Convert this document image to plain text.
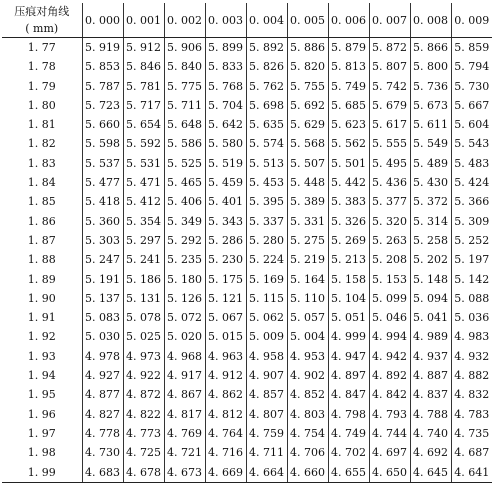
压痕对角线
( mm)	0. 000	0. 001	0. 002	0. 003	0. 004	0. 005	0. 006	0. 007	0. 008	0. 009

1. 77	5. 919	5. 912	5. 906	5. 899	5. 892	5. 886	5. 879	5. 872	5. 866	5. 859
1. 78	5. 853	5. 846	5. 840	5. 833	5. 826	5. 820	5. 813	5. 807	5. 800	5. 794
1. 79	5. 787	5. 781	5. 775	5. 768	5. 762	5. 755	5. 749	5. 742	5. 736	5. 730
1. 80	5. 723	5. 717	5. 711	5. 704	5. 698	5. 692	5. 685	5. 679	5. 673	5. 667
1. 81	5. 660	5. 654	5. 648	5. 642	5. 635	5. 629	5. 623	5. 617	5. 611	5. 604
1. 82	5. 598	5. 592	5. 586	5. 580	5. 574	5. 568	5. 562	5. 555	5. 549	5. 543
1. 83	5. 537	5. 531	5. 525	5. 519	5. 513	5. 507	5. 501	5. 495	5. 489	5. 483
1. 84	5. 477	5. 471	5. 465	5. 459	5. 453	5. 448	5. 442	5. 436	5. 430	5. 424
1. 85	5. 418	5. 412	5. 406	5. 401	5. 395	5. 389	5. 383	5. 377	5. 372	5. 366
1. 86	5. 360	5. 354	5. 349	5. 343	5. 337	5. 331	5. 326	5. 320	5. 314	5. 309
1. 87	5. 303	5. 297	5. 292	5. 286	5. 280	5. 275	5. 269	5. 263	5. 258	5. 252
1. 88	5. 247	5. 241	5. 235	5. 230	5. 224	5. 219	5. 213	5. 208	5. 202	5. 197
1. 89	5. 191	5. 186	5. 180	5. 175	5. 169	5. 164	5. 158	5. 153	5. 148	5. 142
1. 90	5. 137	5. 131	5. 126	5. 121	5. 115	5. 110	5. 104	5. 099	5. 094	5. 088
1. 91	5. 083	5. 078	5. 072	5. 067	5. 062	5. 057	5. 051	5. 046	5. 041	5. 036
1. 92	5. 030	5. 025	5. 020	5. 015	5. 009	5. 004	4. 999	4. 994	4. 989	4. 983
1. 93	4. 978	4. 973	4. 968	4. 963	4. 958	4. 953	4. 947	4. 942	4. 937	4. 932
1. 94	4. 927	4. 922	4. 917	4. 912	4. 907	4. 902	4. 897	4. 892	4. 887	4. 882
1. 95	4. 877	4. 872	4. 867	4. 862	4. 857	4. 852	4. 847	4. 842	4. 837	4. 832
1. 96	4. 827	4. 822	4. 817	4. 812	4. 807	4. 803	4. 798	4. 793	4. 788	4. 783
1. 97	4. 778	4. 773	4. 769	4. 764	4. 759	4. 754	4. 749	4. 744	4. 740	4. 735
1. 98	4. 730	4. 725	4. 721	4. 716	4. 711	4. 706	4. 702	4. 697	4. 692	4. 687
1. 99	4. 683	4. 678	4. 673	4. 669	4. 664	4. 660	4. 655	4. 650	4. 645	4. 641
